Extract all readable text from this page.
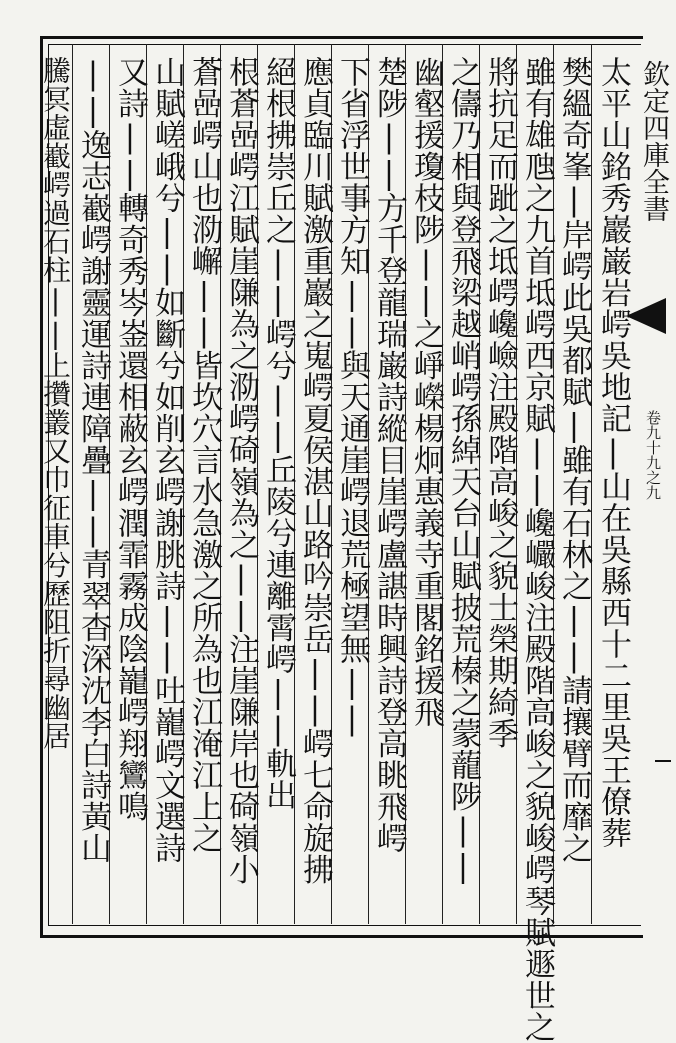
欽定四庫全書
卷九十九之九
太平山銘秀巖巌岩崿吳地記|山在吳縣西十二里吳王僚葬
樊縕奇峯|岸崿此吳都賦|雖有石林之||請攘臂而靡之
雖有雄虺之九首坻崿西京賦||巉巗峻注殿階高峻之貌峻崿琴賦遯世之
將抗足而跐之坻崿巉嶮注殿階高峻之貌士榮期綺季
之儔乃相與登飛梁越峭崿孫綽天台山賦披荒榛之蒙蘢陟||
幽壑援瓊枝陟||之崢嶸楊炯惠義寺重閣銘援飛
楚陟||方千登龍瑞巌詩縱目崖崿盧諶時興詩登高眺飛崿
下省浮世事方知||與天通崖崿退荒極望無||
應貞臨川賦激重巖之嵬崿夏侯湛山路吟崇岳||崿七命旋拂
絕根拂崇丘之||崿兮||丘陵兮連離霄崿||軌出
根蒼喦崿江賦崖隒為之泐崿碕嶺為之||注崖隒岸也碕嶺小
蒼喦崿山也泐嶰||皆坎穴言水急激之所為也江淹江上之
山賦嵯峨兮||如斷兮如削玄崿謝朓詩||吐巃崿文選詩
又詩||轉奇秀岑崟還相蔽玄崿潤霏霧成陰巃崿翔鸞鳴
||逸志嶻崿謝靈運詩連障疊||青翠杳深沈李白詩黃山
騰冥虛嶻崿過石柱||上攢叢又巾征車兮歷阻折尋幽居
